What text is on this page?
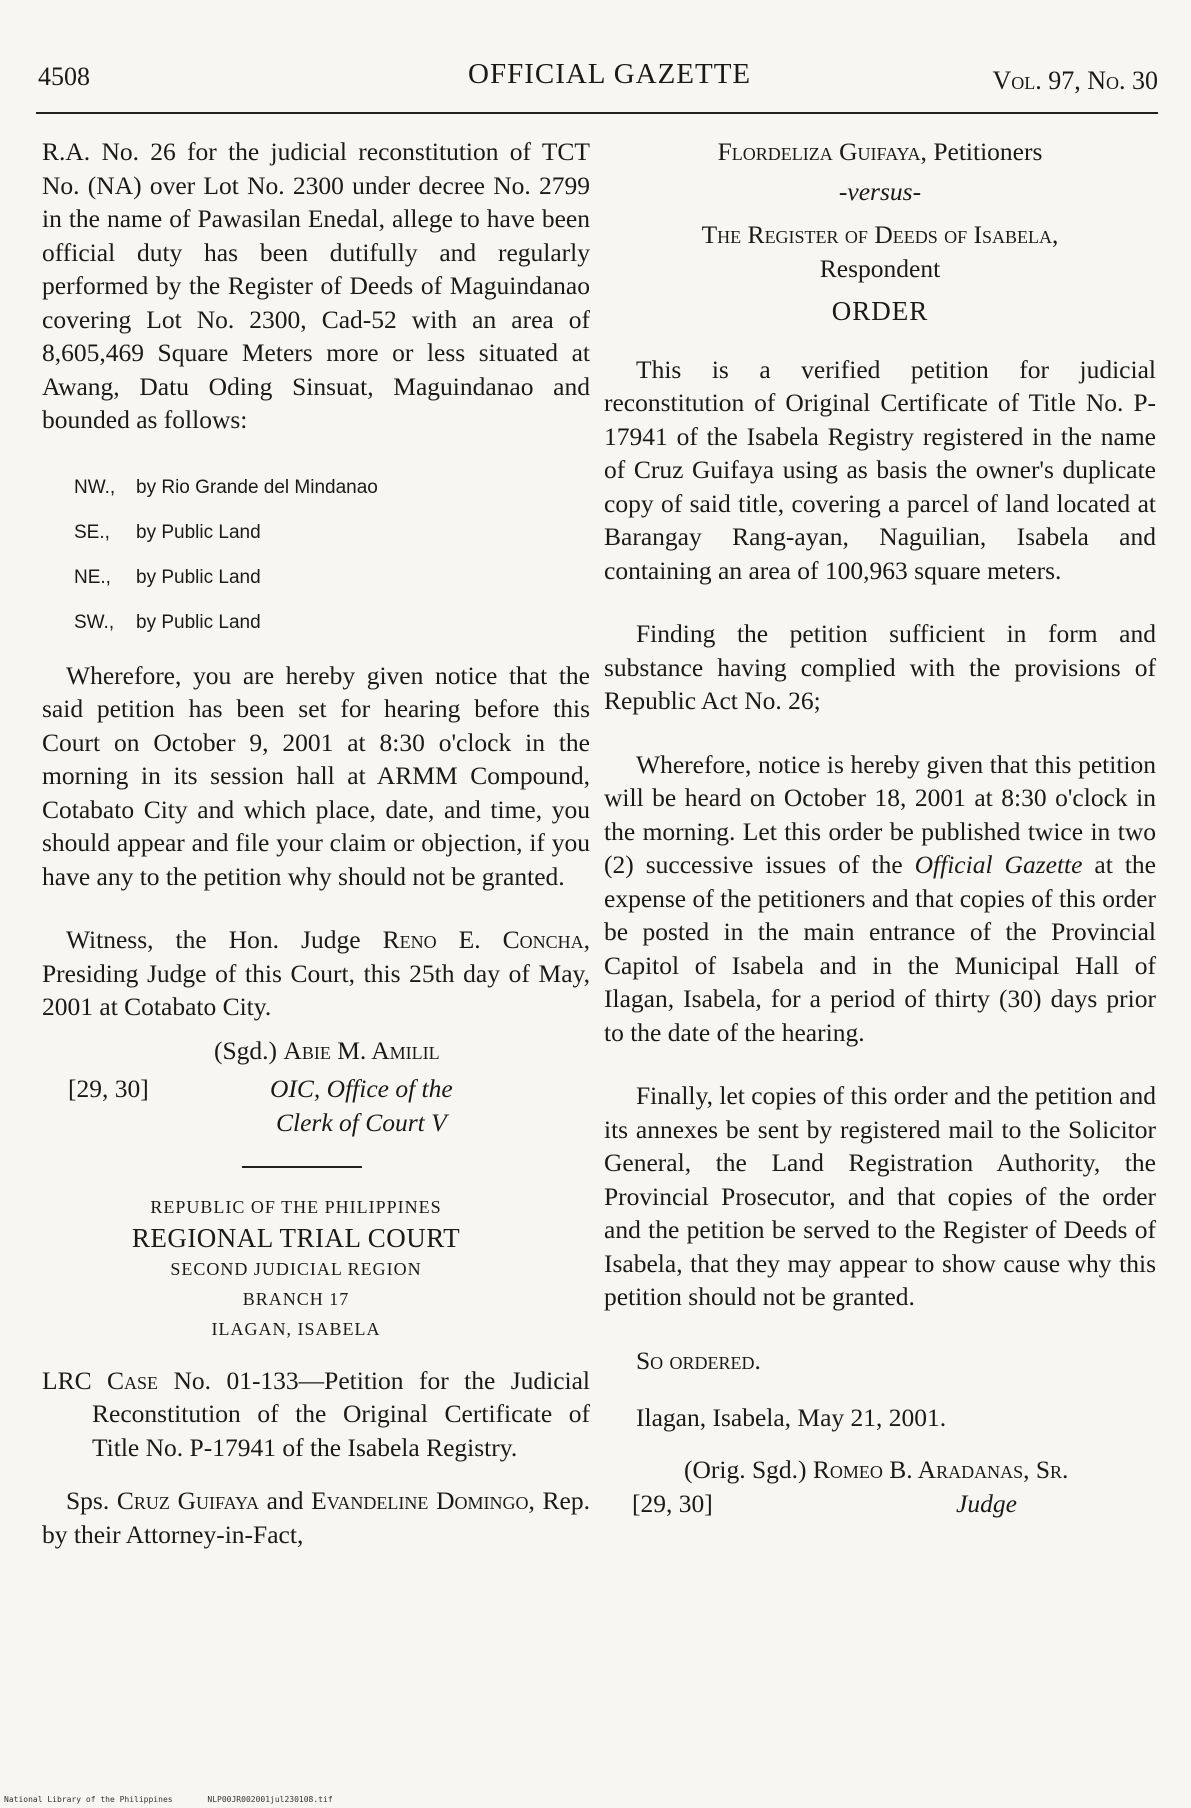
4508	OFFICIAL GAZETTE	Vol. 97, No. 30

R.A. No. 26 for the judicial reconstitution of TCT No. (NA) over Lot No. 2300 under decree No. 2799 in the name of Pawasilan Enedal, allege to have been official duty has been dutifully and regularly performed by the Register of Deeds of Maguindanao covering Lot No. 2300, Cad-52 with an area of 8,605,469 Square Meters more or less situated at Awang, Datu Oding Sinsuat, Maguindanao and bounded as follows:

NW., by Rio Grande del Mindanao
SE., by Public Land
NE., by Public Land
SW., by Public Land

Wherefore, you are hereby given notice that the said petition has been set for hearing before this Court on October 9, 2001 at 8:30 o'clock in the morning in its session hall at ARMM Compound, Cotabato City and which place, date, and time, you should appear and file your claim or objection, if you have any to the petition why should not be granted.

Witness, the Hon. Judge Reno E. Concha, Presiding Judge of this Court, this 25th day of May, 2001 at Cotabato City.

(Sgd.) Abie M. Amilil
[29, 30]	OIC, Office of the
Clerk of Court V
REPUBLIC OF THE PHILIPPINES
REGIONAL TRIAL COURT
SECOND JUDICIAL REGION
BRANCH 17
ILAGAN, ISABELA

LRC Case No. 01-133—Petition for the Judicial Reconstitution of the Original Certificate of Title No. P-17941 of the Isabela Registry.

Sps. Cruz Guifaya and Evandeline Domingo, Rep. by their Attorney-in-Fact,

Flordeliza Guifaya, Petitioners
-versus-
The Register of Deeds of Isabela,
Respondent
ORDER

This is a verified petition for judicial reconstitution of Original Certificate of Title No. P-17941 of the Isabela Registry registered in the name of Cruz Guifaya using as basis the owner's duplicate copy of said title, covering a parcel of land located at Barangay Rang-ayan, Naguilian, Isabela and containing an area of 100,963 square meters.

Finding the petition sufficient in form and substance having complied with the provisions of Republic Act No. 26;

Wherefore, notice is hereby given that this petition will be heard on October 18, 2001 at 8:30 o'clock in the morning. Let this order be published twice in two (2) successive issues of the Official Gazette at the expense of the petitioners and that copies of this order be posted in the main entrance of the Provincial Capitol of Isabela and in the Municipal Hall of Ilagan, Isabela, for a period of thirty (30) days prior to the date of the hearing.

Finally, let copies of this order and the petition and its annexes be sent by registered mail to the Solicitor General, the Land Registration Authority, the Provincial Prosecutor, and that copies of the order and the petition be served to the Register of Deeds of Isabela, that they may appear to show cause why this petition should not be granted.

So ordered.

Ilagan, Isabela, May 21, 2001.

(Orig. Sgd.) Romeo B. Aradanas, Sr.
[29, 30]	Judge
National Library of the Philippines	NLP00JR002001jul230108.tif
